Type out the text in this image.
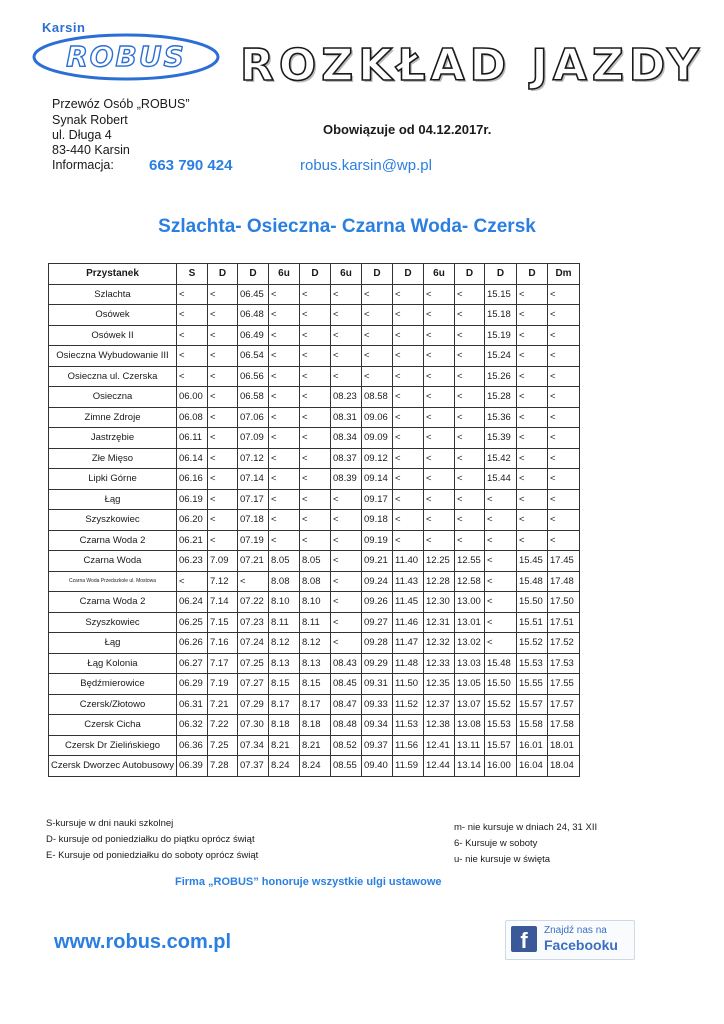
Karsin
ROBUS ROZKŁAD JAZDY
Przewóz Osób „ROBUS”
Synak Robert
ul. Długa 4
83-440 Karsin
Informacja: 663 790 424
Obowiązuje od 04.12.2017r.
robus.karsin@wp.pl
Szlachta- Osieczna- Czarna Woda- Czersk
Przystanek	S	D	D	6u	D	6u	D	D	6u	D	D	D	Dm
Szlachta	<	<	06.45	<	<	<	<	<	<	<	15.15	<	<
Osówek	<	<	06.48	<	<	<	<	<	<	<	15.18	<	<
Osówek II	<	<	06.49	<	<	<	<	<	<	<	15.19	<	<
Osieczna Wybudowanie III	<	<	06.54	<	<	<	<	<	<	<	15.24	<	<
Osieczna ul. Czerska	<	<	06.56	<	<	<	<	<	<	<	15.26	<	<
Osieczna	06.00	<	06.58	<	<	08.23	08.58	<	<	<	15.28	<	<
Zimne Zdroje	06.08	<	07.06	<	<	08.31	09.06	<	<	<	15.36	<	<
Jastrzębie	06.11	<	07.09	<	<	08.34	09.09	<	<	<	15.39	<	<
Złe Mięso	06.14	<	07.12	<	<	08.37	09.12	<	<	<	15.42	<	<
Lipki Górne	06.16	<	07.14	<	<	08.39	09.14	<	<	<	15.44	<	<
Łąg	06.19	<	07.17	<	<	<	09.17	<	<	<	<	<	<
Szyszkowiec	06.20	<	07.18	<	<	<	09.18	<	<	<	<	<	<
Czarna Woda 2	06.21	<	07.19	<	<	<	09.19	<	<	<	<	<	<
Czarna Woda	06.23	7.09	07.21	8.05	8.05	<	09.21	11.40	12.25	12.55	<	15.45	17.45
Czarna Woda Przedszkole ul. Mostowa	<	7.12	<	8.08	8.08	<	09.24	11.43	12.28	12.58	<	15.48	17.48
Czarna Woda 2	06.24	7.14	07.22	8.10	8.10	<	09.26	11.45	12.30	13.00	<	15.50	17.50
Szyszkowiec	06.25	7.15	07.23	8.11	8.11	<	09.27	11.46	12.31	13.01	<	15.51	17.51
Łąg	06.26	7.16	07.24	8.12	8.12	<	09.28	11.47	12.32	13.02	<	15.52	17.52
Łąg Kolonia	06.27	7.17	07.25	8.13	8.13	08.43	09.29	11.48	12.33	13.03	15.48	15.53	17.53
Będźmierowice	06.29	7.19	07.27	8.15	8.15	08.45	09.31	11.50	12.35	13.05	15.50	15.55	17.55
Czersk/Złotowo	06.31	7.21	07.29	8.17	8.17	08.47	09.33	11.52	12.37	13.07	15.52	15.57	17.57
Czersk Cicha	06.32	7.22	07.30	8.18	8.18	08.48	09.34	11.53	12.38	13.08	15.53	15.58	17.58
Czersk Dr Zielińskiego	06.36	7.25	07.34	8.21	8.21	08.52	09.37	11.56	12.41	13.11	15.57	16.01	18.01
Czersk Dworzec Autobusowy	06.39	7.28	07.37	8.24	8.24	08.55	09.40	11.59	12.44	13.14	16.00	16.04	18.04
S-kursuje w dni nauki szkolnej
D- kursuje od poniedziałku do piątku oprócz świąt
E- Kursuje od poniedziałku do soboty oprócz świąt
m- nie kursuje w dniach 24, 31 XII
6- Kursuje w soboty
u- nie kursuje w święta
Firma „ROBUS” honoruje wszystkie ulgi ustawowe
www.robus.com.pl	f	Znajdź nas na
Facebooku
